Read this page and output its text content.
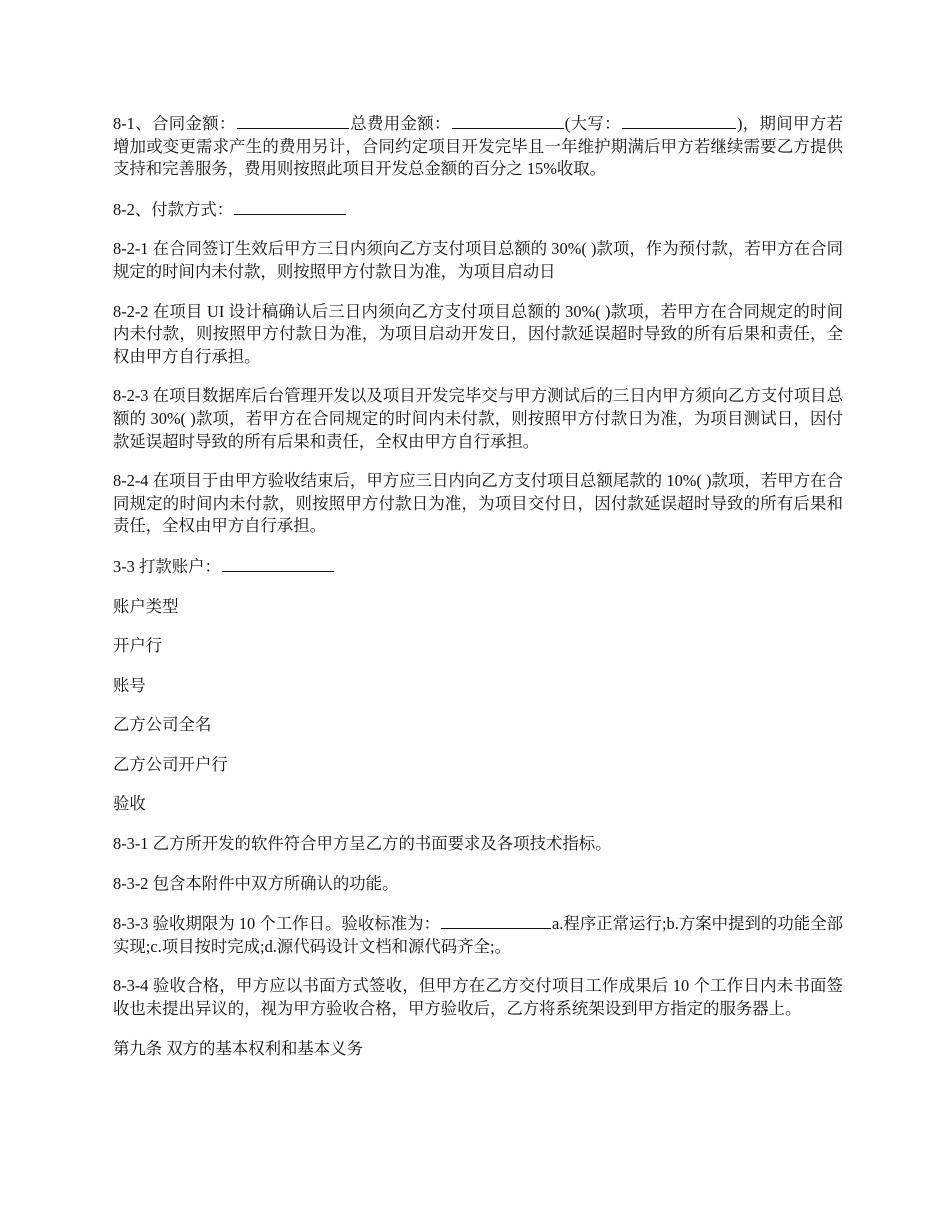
8-1、合同金额：	总费用金额：	(大写：	)，期间甲方若增加或变更需求产生的费用另计，合同约定项目开发完毕且一年维护期满后甲方若继续需要乙方提供支持和完善服务，费用则按照此项目开发总金额的百分之 15%收取。

8-2、付款方式：

8-2-1 在合同签订生效后甲方三日内须向乙方支付项目总额的 30%( )款项，作为预付款，若甲方在合同规定的时间内未付款，则按照甲方付款日为准，为项目启动日

8-2-2 在项目 UI 设计稿确认后三日内须向乙方支付项目总额的 30%( )款项，若甲方在合同规定的时间内未付款，则按照甲方付款日为准，为项目启动开发日，因付款延误超时导致的所有后果和责任，全权由甲方自行承担。

8-2-3 在项目数据库后台管理开发以及项目开发完毕交与甲方测试后的三日内甲方须向乙方支付项目总额的 30%( )款项，若甲方在合同规定的时间内未付款，则按照甲方付款日为准，为项目测试日，因付款延误超时导致的所有后果和责任，全权由甲方自行承担。

8-2-4 在项目于由甲方验收结束后，甲方应三日内向乙方支付项目总额尾款的 10%( )款项，若甲方在合同规定的时间内未付款，则按照甲方付款日为准，为项目交付日，因付款延误超时导致的所有后果和责任，全权由甲方自行承担。

3-3 打款账户：

账户类型

开户行

账号

乙方公司全名

乙方公司开户行

验收

8-3-1 乙方所开发的软件符合甲方呈乙方的书面要求及各项技术指标。

8-3-2 包含本附件中双方所确认的功能。

8-3-3 验收期限为 10 个工作日。验收标准为：	a.程序正常运行;b.方案中提到的功能全部实现;c.项目按时完成;d.源代码设计文档和源代码齐全;。

8-3-4 验收合格，甲方应以书面方式签收，但甲方在乙方交付项目工作成果后 10 个工作日内未书面签收也未提出异议的，视为甲方验收合格，甲方验收后，乙方将系统架设到甲方指定的服务器上。

第九条 双方的基本权利和基本义务
